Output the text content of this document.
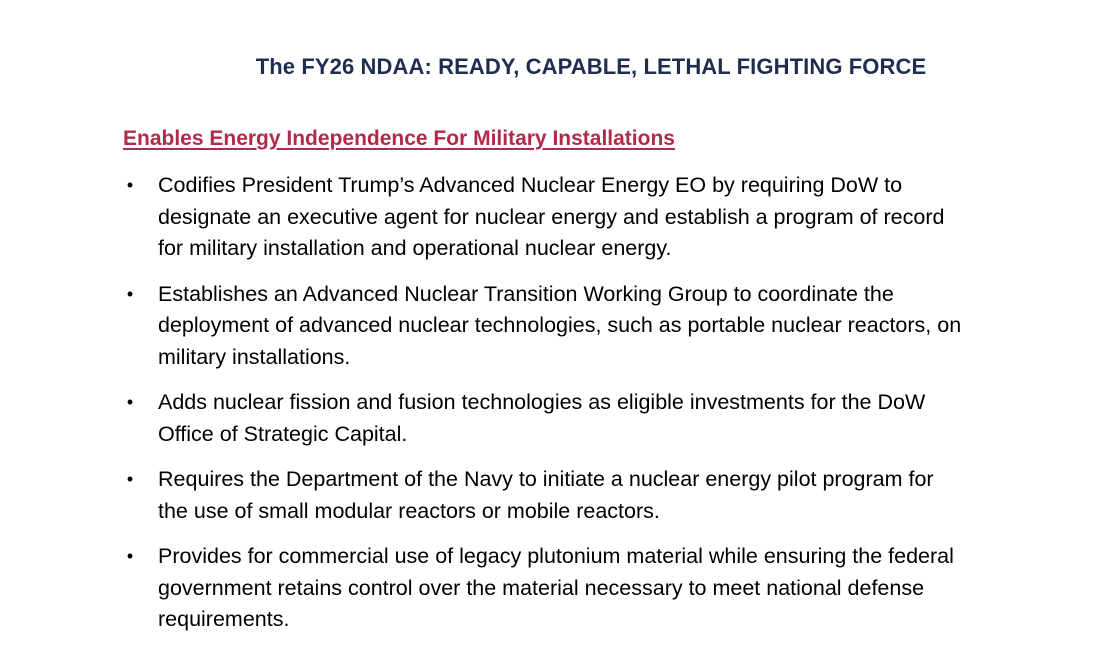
The FY26 NDAA: READY, CAPABLE, LETHAL FIGHTING FORCE
Enables Energy Independence For Military Installations
•	Codifies President Trump’s Advanced Nuclear Energy EO by requiring DoW to
designate an executive agent for nuclear energy and establish a program of record
for military installation and operational nuclear energy.
•	Establishes an Advanced Nuclear Transition Working Group to coordinate the
deployment of advanced nuclear technologies, such as portable nuclear reactors, on
military installations.
•	Adds nuclear fission and fusion technologies as eligible investments for the DoW
Office of Strategic Capital.
•	Requires the Department of the Navy to initiate a nuclear energy pilot program for
the use of small modular reactors or mobile reactors.
•	Provides for commercial use of legacy plutonium material while ensuring the federal
government retains control over the material necessary to meet national defense
requirements.
